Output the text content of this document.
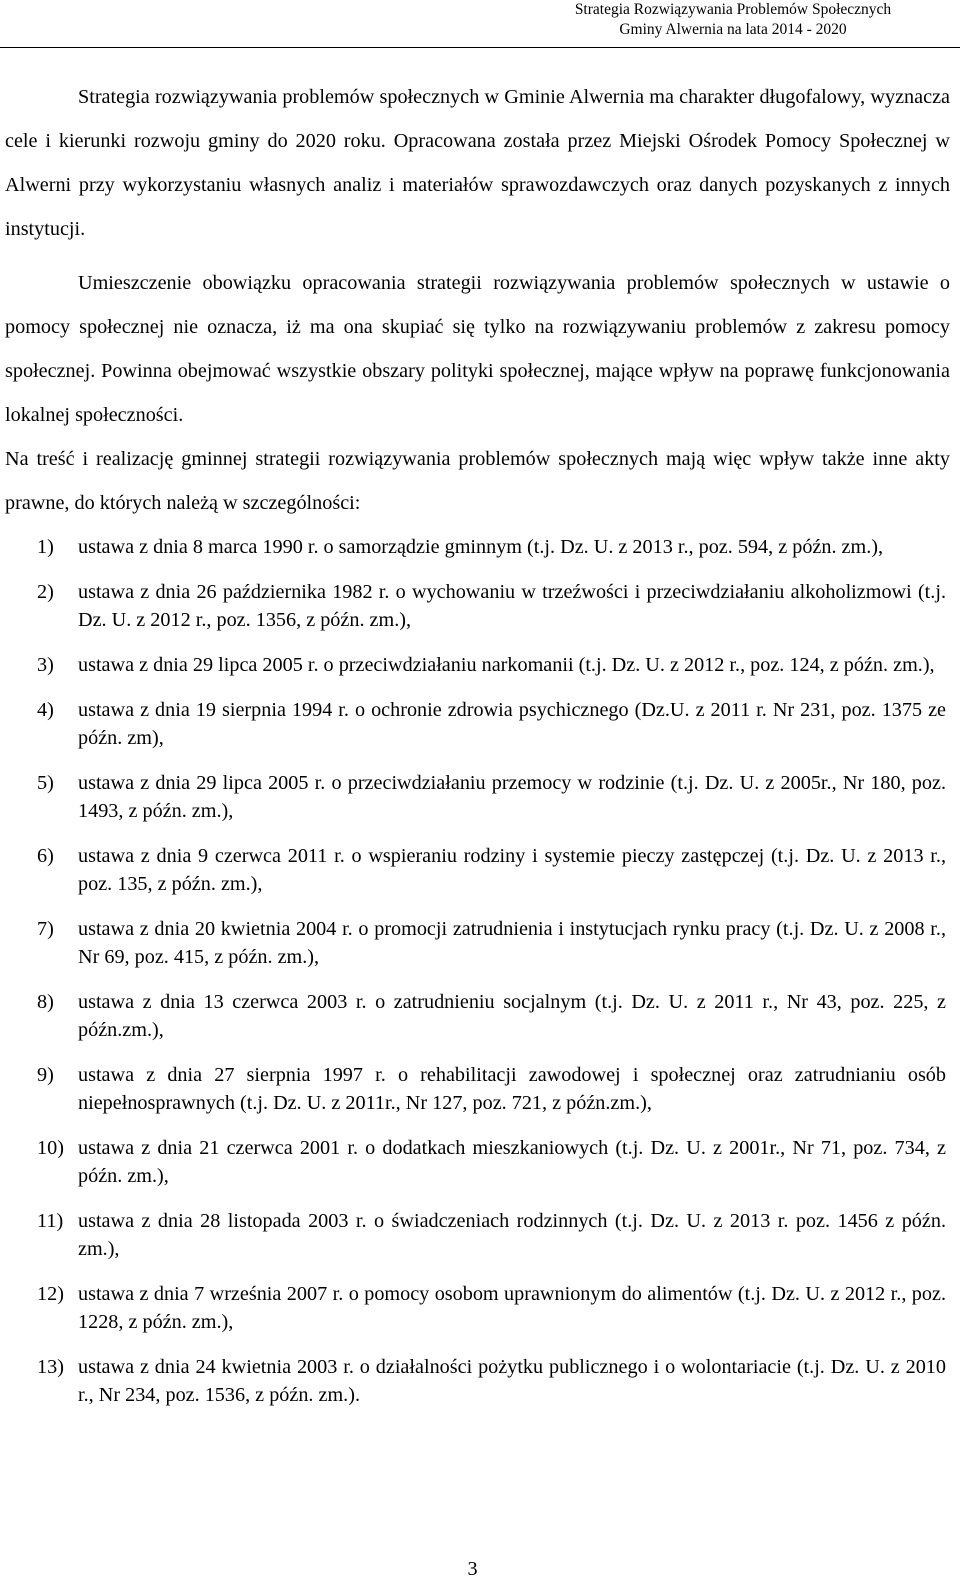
Strategia Rozwiązywania Problemów Społecznych
Gminy Alwernia na lata 2014 - 2020

Strategia rozwiązywania problemów społecznych w Gminie Alwernia ma charakter długofalowy, wyznacza cele i kierunki rozwoju gminy do 2020 roku. Opracowana została przez Miejski Ośrodek Pomocy Społecznej w Alwerni przy wykorzystaniu własnych analiz i materiałów sprawozdawczych oraz danych pozyskanych z innych instytucji.

Umieszczenie obowiązku opracowania strategii rozwiązywania problemów społecznych w ustawie o pomocy społecznej nie oznacza, iż ma ona skupiać się tylko na rozwiązywaniu problemów z zakresu pomocy społecznej. Powinna obejmować wszystkie obszary polityki społecznej, mające wpływ na poprawę funkcjonowania lokalnej społeczności.

Na treść i realizację gminnej strategii rozwiązywania problemów społecznych mają więc wpływ także inne akty prawne, do których należą w szczególności:

1)	ustawa z dnia 8 marca 1990 r. o samorządzie gminnym (t.j. Dz. U. z 2013 r., poz. 594, z późn. zm.),
2)	ustawa z dnia 26 października 1982 r. o wychowaniu w trzeźwości i przeciwdziałaniu alkoholizmowi (t.j. Dz. U. z 2012 r., poz. 1356, z późn. zm.),
3)	ustawa z dnia 29 lipca 2005 r. o przeciwdziałaniu narkomanii (t.j. Dz. U. z 2012 r., poz. 124, z późn. zm.),
4)	ustawa z dnia 19 sierpnia 1994 r. o ochronie zdrowia psychicznego (Dz.U. z 2011 r. Nr 231, poz. 1375 ze późn. zm),
5)	ustawa z dnia 29 lipca 2005 r. o przeciwdziałaniu przemocy w rodzinie (t.j. Dz. U. z 2005r., Nr 180, poz. 1493, z późn. zm.),
6)	ustawa z dnia 9 czerwca 2011 r. o wspieraniu rodziny i systemie pieczy zastępczej (t.j. Dz. U. z 2013 r., poz. 135, z późn. zm.),
7)	ustawa z dnia 20 kwietnia 2004 r. o promocji zatrudnienia i instytucjach rynku pracy (t.j. Dz. U. z 2008 r., Nr 69, poz. 415, z późn. zm.),
8)	ustawa z dnia 13 czerwca 2003 r. o zatrudnieniu socjalnym (t.j. Dz. U. z 2011 r., Nr 43, poz. 225, z późn.zm.),
9)	ustawa z dnia 27 sierpnia 1997 r. o rehabilitacji zawodowej i społecznej oraz zatrudnianiu osób niepełnosprawnych (t.j. Dz. U. z 2011r., Nr 127, poz. 721, z późn.zm.),
10) ustawa z dnia 21 czerwca 2001 r. o dodatkach mieszkaniowych (t.j. Dz. U. z 2001r., Nr 71, poz. 734, z późn. zm.),
11) ustawa z dnia 28 listopada 2003 r. o świadczeniach rodzinnych (t.j. Dz. U. z 2013 r. poz. 1456 z późn. zm.),
12) ustawa z dnia 7 września 2007 r. o pomocy osobom uprawnionym do alimentów (t.j. Dz. U. z 2012 r., poz. 1228, z późn. zm.),
13) ustawa z dnia 24 kwietnia 2003 r. o działalności pożytku publicznego i o wolontariacie (t.j. Dz. U. z 2010 r., Nr 234, poz. 1536, z późn. zm.).
3
